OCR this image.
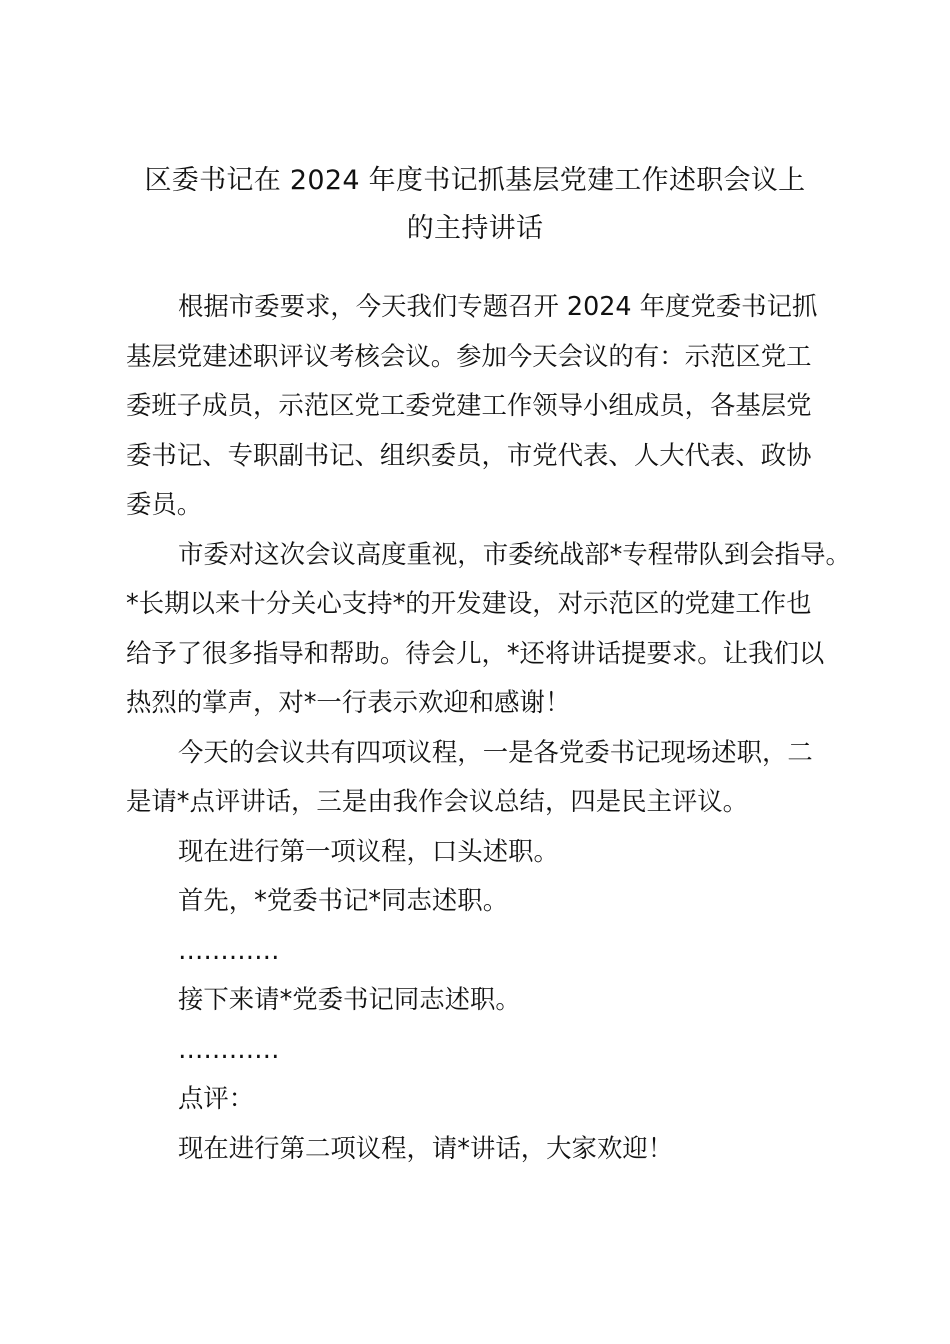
区委书记在 2024 年度书记抓基层党建工作述职会议上
的主持讲话

根据市委要求，今天我们专题召开 2024 年度党委书记抓
基层党建述职评议考核会议。参加今天会议的有：示范区党工
委班子成员，示范区党工委党建工作领导小组成员，各基层党
委书记、专职副书记、组织委员，市党代表、人大代表、政协
委员。

市委对这次会议高度重视，市委统战部*专程带队到会指导。
*长期以来十分关心支持*的开发建设，对示范区的党建工作也
给予了很多指导和帮助。待会儿，*还将讲话提要求。让我们以
热烈的掌声，对*一行表示欢迎和感谢！

今天的会议共有四项议程，一是各党委书记现场述职，二
是请*点评讲话，三是由我作会议总结，四是民主评议。

现在进行第一项议程，口头述职。

首先，*党委书记*同志述职。

…………

接下来请*党委书记同志述职。

…………

点评：

现在进行第二项议程，请*讲话，大家欢迎！
